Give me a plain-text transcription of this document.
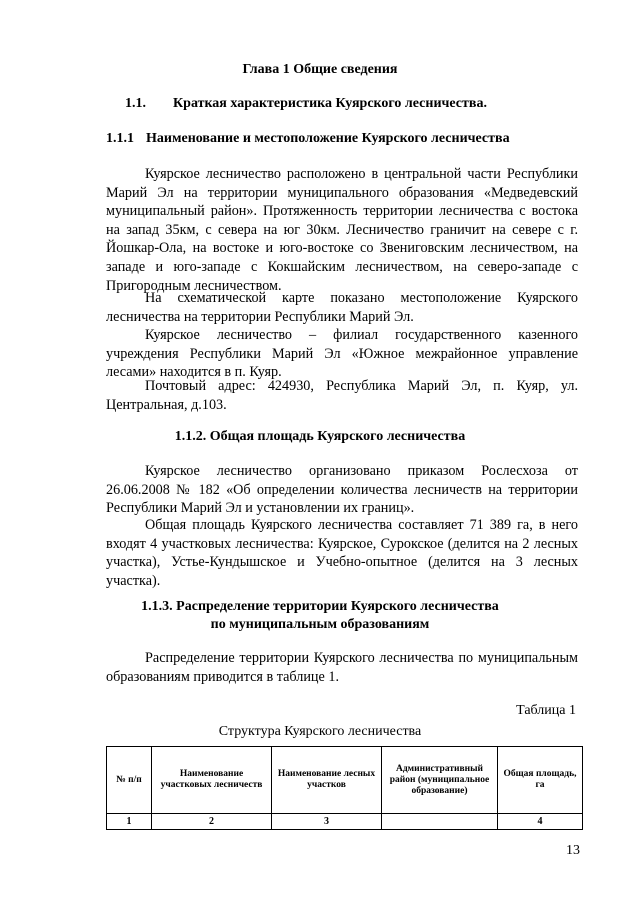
Глава 1 Общие сведения
1.1. Краткая характеристика Куярского лесничества.
1.1.1 Наименование и местоположение Куярского лесничества

Куярское лесничество расположено в центральной части Республики Марий Эл на территории муниципального образования «Медведевский муниципальный район». Протяженность территории лесничества с востока на запад 35км, с севера на юг 30км. Лесничество граничит на севере с г. Йошкар-Ола, на востоке и юго-востоке со Звениговским лесничеством, на западе и юго-западе с Кокшайским лесничеством, на северо-западе с Пригородным лесничеством.

На схематической карте показано местоположение Куярского лесничества на территории Республики Марий Эл.

Куярское лесничество – филиал государственного казенного учреждения Республики Марий Эл «Южное межрайонное управление лесами» находится в п. Куяр.

Почтовый адрес: 424930, Республика Марий Эл, п. Куяр, ул. Центральная, д.103.

1.1.2. Общая площадь Куярского лесничества

Куярское лесничество организовано приказом Рослесхоза от 26.06.2008 № 182 «Об определении количества лесничеств на территории Республики Марий Эл и установлении их границ».

Общая площадь Куярского лесничества составляет 71 389 га, в него входят 4 участковых лесничества: Куярское, Сурокское (делится на 2 лесных участка), Устье-Кундышское и Учебно-опытное (делится на 3 лесных участка).

1.1.3. Распределение территории Куярского лесничества
по муниципальным образованиям

Распределение территории Куярского лесничества по муниципальным образованиям приводится в таблице 1.

Таблица 1
Структура Куярского лесничества
№ п/п	Наименование участковых лесничеств	Наименование лесных участков	Административный район (муниципальное образование)	Общая площадь, га
1	2	3		4
13
